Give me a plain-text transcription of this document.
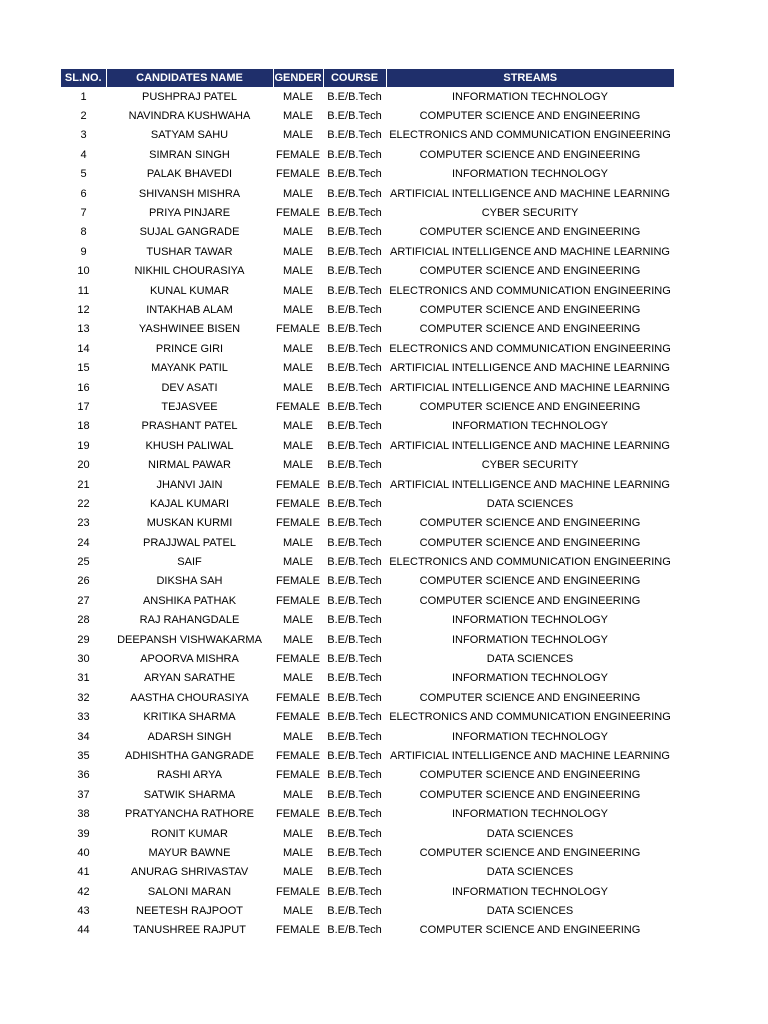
SL.NO.	CANDIDATES NAME	GENDER	COURSE	STREAMS
1	PUSHPRAJ PATEL	MALE	B.E/B.Tech	INFORMATION TECHNOLOGY
2	NAVINDRA KUSHWAHA	MALE	B.E/B.Tech	COMPUTER SCIENCE AND ENGINEERING
3	SATYAM SAHU	MALE	B.E/B.Tech	ELECTRONICS AND COMMUNICATION ENGINEERING
4	SIMRAN SINGH	FEMALE	B.E/B.Tech	COMPUTER SCIENCE AND ENGINEERING
5	PALAK BHAVEDI	FEMALE	B.E/B.Tech	INFORMATION TECHNOLOGY
6	SHIVANSH MISHRA	MALE	B.E/B.Tech	ARTIFICIAL INTELLIGENCE AND MACHINE LEARNING
7	PRIYA PINJARE	FEMALE	B.E/B.Tech	CYBER SECURITY
8	SUJAL GANGRADE	MALE	B.E/B.Tech	COMPUTER SCIENCE AND ENGINEERING
9	TUSHAR TAWAR	MALE	B.E/B.Tech	ARTIFICIAL INTELLIGENCE AND MACHINE LEARNING
10	NIKHIL CHOURASIYA	MALE	B.E/B.Tech	COMPUTER SCIENCE AND ENGINEERING
11	KUNAL KUMAR	MALE	B.E/B.Tech	ELECTRONICS AND COMMUNICATION ENGINEERING
12	INTAKHAB ALAM	MALE	B.E/B.Tech	COMPUTER SCIENCE AND ENGINEERING
13	YASHWINEE BISEN	FEMALE	B.E/B.Tech	COMPUTER SCIENCE AND ENGINEERING
14	PRINCE GIRI	MALE	B.E/B.Tech	ELECTRONICS AND COMMUNICATION ENGINEERING
15	MAYANK PATIL	MALE	B.E/B.Tech	ARTIFICIAL INTELLIGENCE AND MACHINE LEARNING
16	DEV ASATI	MALE	B.E/B.Tech	ARTIFICIAL INTELLIGENCE AND MACHINE LEARNING
17	TEJASVEE	FEMALE	B.E/B.Tech	COMPUTER SCIENCE AND ENGINEERING
18	PRASHANT PATEL	MALE	B.E/B.Tech	INFORMATION TECHNOLOGY
19	KHUSH PALIWAL	MALE	B.E/B.Tech	ARTIFICIAL INTELLIGENCE AND MACHINE LEARNING
20	NIRMAL PAWAR	MALE	B.E/B.Tech	CYBER SECURITY
21	JHANVI JAIN	FEMALE	B.E/B.Tech	ARTIFICIAL INTELLIGENCE AND MACHINE LEARNING
22	KAJAL KUMARI	FEMALE	B.E/B.Tech	DATA SCIENCES
23	MUSKAN KURMI	FEMALE	B.E/B.Tech	COMPUTER SCIENCE AND ENGINEERING
24	PRAJJWAL PATEL	MALE	B.E/B.Tech	COMPUTER SCIENCE AND ENGINEERING
25	SAIF	MALE	B.E/B.Tech	ELECTRONICS AND COMMUNICATION ENGINEERING
26	DIKSHA SAH	FEMALE	B.E/B.Tech	COMPUTER SCIENCE AND ENGINEERING
27	ANSHIKA PATHAK	FEMALE	B.E/B.Tech	COMPUTER SCIENCE AND ENGINEERING
28	RAJ RAHANGDALE	MALE	B.E/B.Tech	INFORMATION TECHNOLOGY
29	DEEPANSH VISHWAKARMA	MALE	B.E/B.Tech	INFORMATION TECHNOLOGY
30	APOORVA MISHRA	FEMALE	B.E/B.Tech	DATA SCIENCES
31	ARYAN SARATHE	MALE	B.E/B.Tech	INFORMATION TECHNOLOGY
32	AASTHA CHOURASIYA	FEMALE	B.E/B.Tech	COMPUTER SCIENCE AND ENGINEERING
33	KRITIKA SHARMA	FEMALE	B.E/B.Tech	ELECTRONICS AND COMMUNICATION ENGINEERING
34	ADARSH SINGH	MALE	B.E/B.Tech	INFORMATION TECHNOLOGY
35	ADHISHTHA GANGRADE	FEMALE	B.E/B.Tech	ARTIFICIAL INTELLIGENCE AND MACHINE LEARNING
36	RASHI ARYA	FEMALE	B.E/B.Tech	COMPUTER SCIENCE AND ENGINEERING
37	SATWIK SHARMA	MALE	B.E/B.Tech	COMPUTER SCIENCE AND ENGINEERING
38	PRATYANCHA RATHORE	FEMALE	B.E/B.Tech	INFORMATION TECHNOLOGY
39	RONIT KUMAR	MALE	B.E/B.Tech	DATA SCIENCES
40	MAYUR BAWNE	MALE	B.E/B.Tech	COMPUTER SCIENCE AND ENGINEERING
41	ANURAG SHRIVASTAV	MALE	B.E/B.Tech	DATA SCIENCES
42	SALONI MARAN	FEMALE	B.E/B.Tech	INFORMATION TECHNOLOGY
43	NEETESH RAJPOOT	MALE	B.E/B.Tech	DATA SCIENCES
44	TANUSHREE RAJPUT	FEMALE	B.E/B.Tech	COMPUTER SCIENCE AND ENGINEERING
